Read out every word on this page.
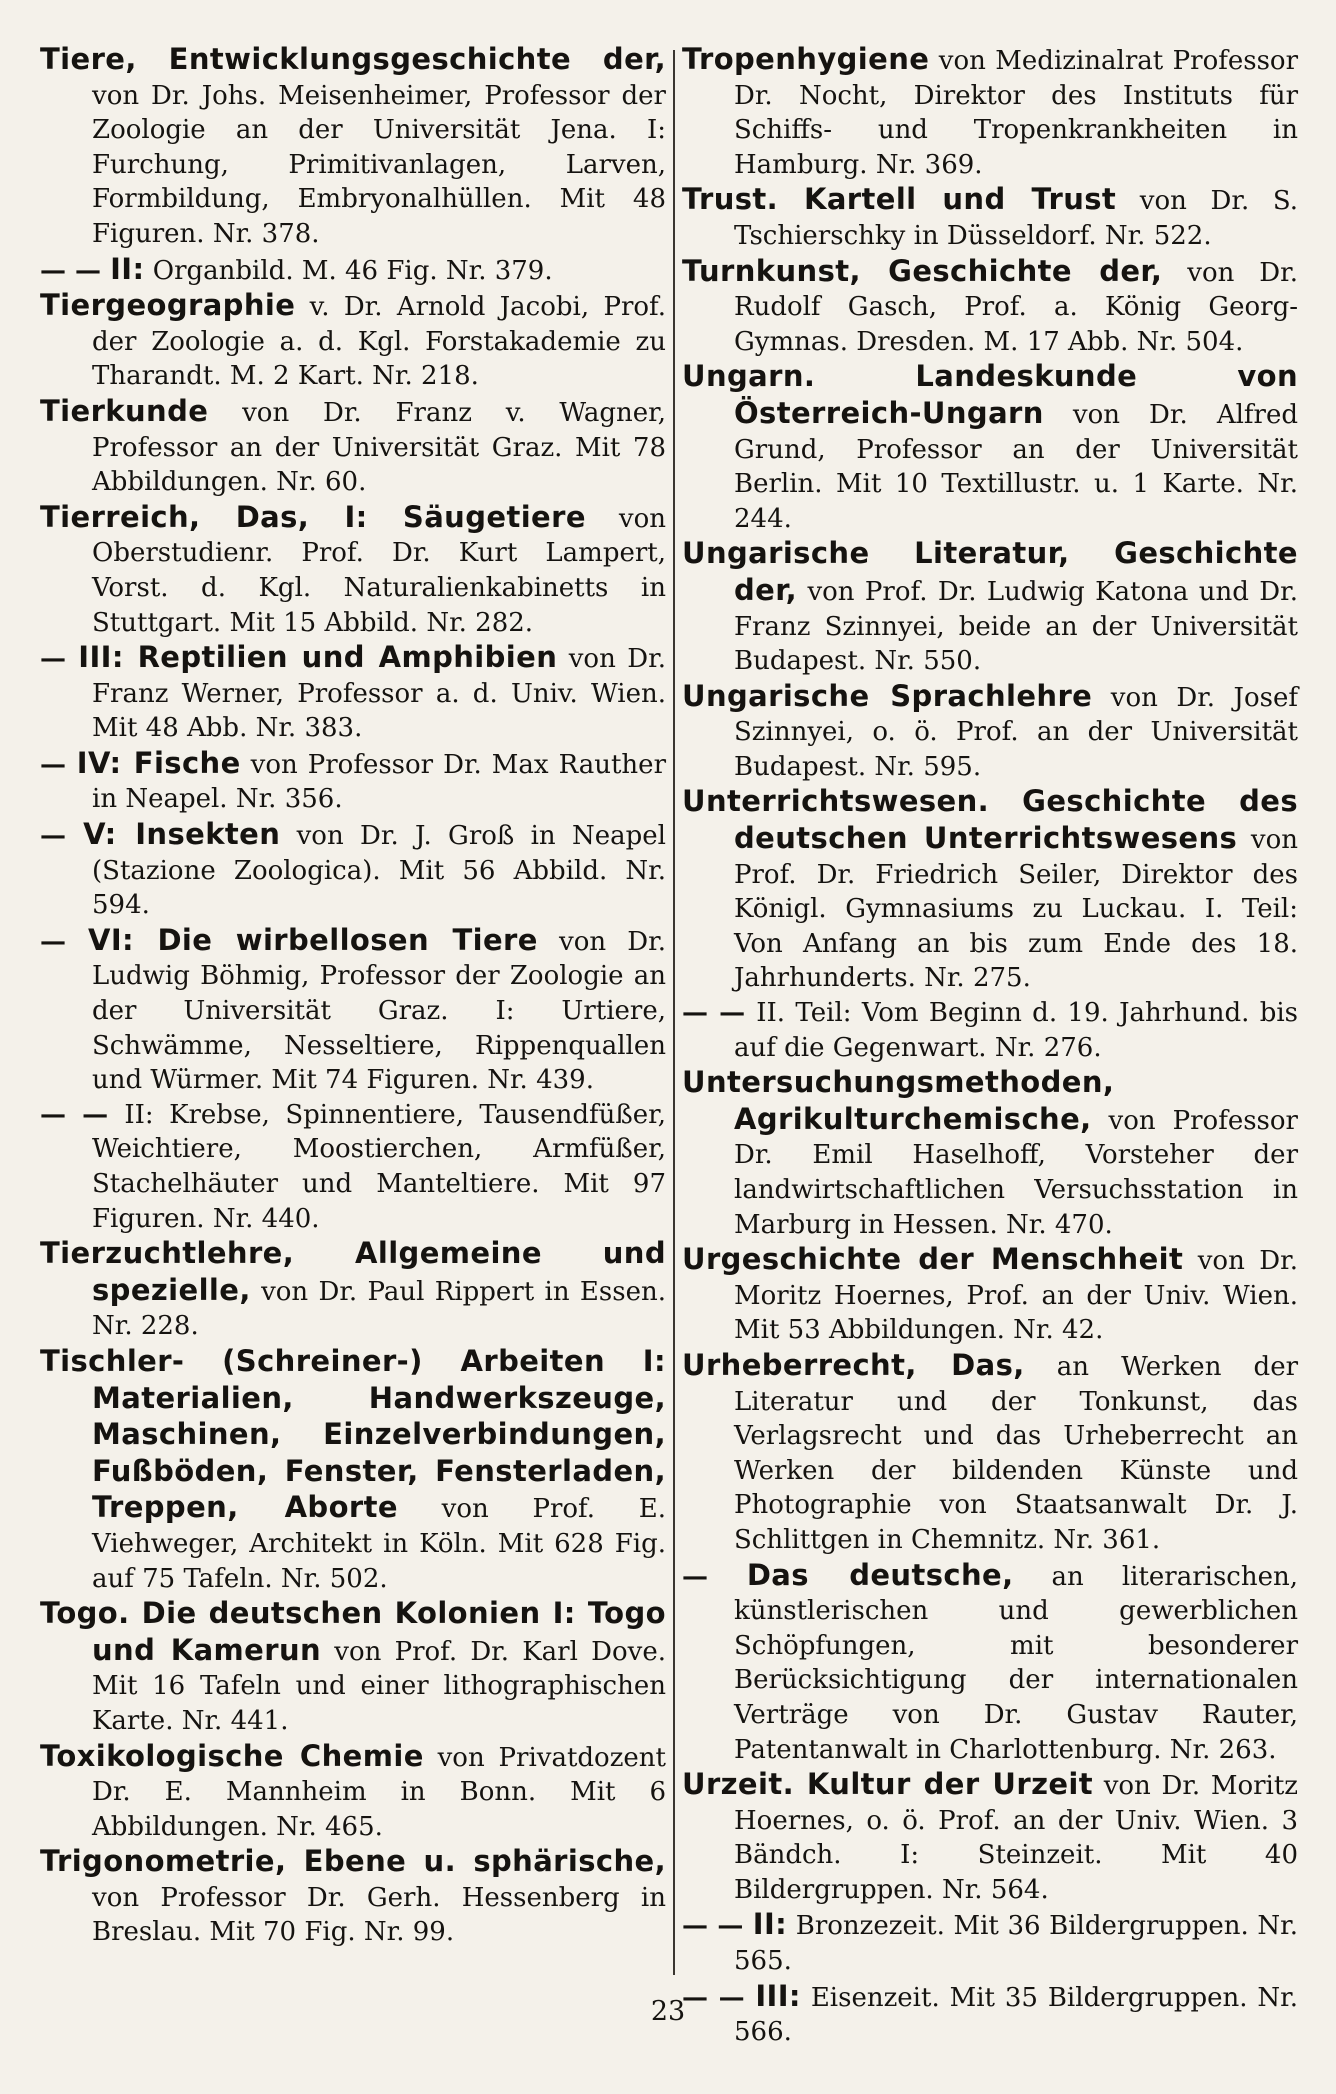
Tiere, Entwicklungsgeschichte der, von Dr. Johs. Meisenheimer, Professor der Zoologie an der Universität Jena. I: Furchung, Primitivanlagen, Larven, Formbildung, Embryonalhüllen. Mit 48 Figuren. Nr. 378.
— — II: Organbild. M. 46 Fig. Nr. 379.
Tiergeographie v. Dr. Arnold Jacobi, Prof. der Zoologie a. d. Kgl. Forstakademie zu Tharandt. M. 2 Kart. Nr. 218.
Tierkunde von Dr. Franz v. Wagner, Professor an der Universität Graz. Mit 78 Abbildungen. Nr. 60.
Tierreich, Das, I: Säugetiere von Oberstudienr. Prof. Dr. Kurt Lampert, Vorst. d. Kgl. Naturalienkabinetts in Stuttgart. Mit 15 Abbild. Nr. 282.
— III: Reptilien und Amphibien von Dr. Franz Werner, Professor a. d. Univ. Wien. Mit 48 Abb. Nr. 383.
— IV: Fische von Professor Dr. Max Rauther in Neapel. Nr. 356.
— V: Insekten von Dr. J. Groß in Neapel (Stazione Zoologica). Mit 56 Abbild. Nr. 594.
— VI: Die wirbellosen Tiere von Dr. Ludwig Böhmig, Professor der Zoologie an der Universität Graz. I: Urtiere, Schwämme, Nesseltiere, Rippenquallen und Würmer. Mit 74 Figuren. Nr. 439.
— — II: Krebse, Spinnentiere, Tausendfüßer, Weichtiere, Moostierchen, Armfüßer, Stachelhäuter und Manteltiere. Mit 97 Figuren. Nr. 440.
Tierzuchtlehre, Allgemeine und spezielle, von Dr. Paul Rippert in Essen. Nr. 228.
Tischler- (Schreiner-) Arbeiten I: Materialien, Handwerkszeuge, Maschinen, Einzelverbindungen, Fußböden, Fenster, Fensterladen, Treppen, Aborte von Prof. E. Viehweger, Architekt in Köln. Mit 628 Fig. auf 75 Tafeln. Nr. 502.
Togo. Die deutschen Kolonien I: Togo und Kamerun von Prof. Dr. Karl Dove. Mit 16 Tafeln und einer lithographischen Karte. Nr. 441.
Toxikologische Chemie von Privatdozent Dr. E. Mannheim in Bonn. Mit 6 Abbildungen. Nr. 465.
Trigonometrie, Ebene u. sphärische, von Professor Dr. Gerh. Hessenberg in Breslau. Mit 70 Fig. Nr. 99.
Tropenhygiene von Medizinalrat Professor Dr. Nocht, Direktor des Instituts für Schiffs- und Tropenkrankheiten in Hamburg. Nr. 369.
Trust. Kartell und Trust von Dr. S. Tschierschky in Düsseldorf. Nr. 522.
Turnkunst, Geschichte der, von Dr. Rudolf Gasch, Prof. a. König Georg-Gymnas. Dresden. M. 17 Abb. Nr. 504.
Ungarn. Landeskunde von Österreich-Ungarn von Dr. Alfred Grund, Professor an der Universität Berlin. Mit 10 Textillustr. u. 1 Karte. Nr. 244.
Ungarische Literatur, Geschichte der, von Prof. Dr. Ludwig Katona und Dr. Franz Szinnyei, beide an der Universität Budapest. Nr. 550.
Ungarische Sprachlehre von Dr. Josef Szinnyei, o. ö. Prof. an der Universität Budapest. Nr. 595.
Unterrichtswesen. Geschichte des deutschen Unterrichtswesens von Prof. Dr. Friedrich Seiler, Direktor des Königl. Gymnasiums zu Luckau. I. Teil: Von Anfang an bis zum Ende des 18. Jahrhunderts. Nr. 275.
— — II. Teil: Vom Beginn d. 19. Jahrhund. bis auf die Gegenwart. Nr. 276.
Untersuchungsmethoden, Agrikulturchemische, von Professor Dr. Emil Haselhoff, Vorsteher der landwirtschaftlichen Versuchsstation in Marburg in Hessen. Nr. 470.
Urgeschichte der Menschheit von Dr. Moritz Hoernes, Prof. an der Univ. Wien. Mit 53 Abbildungen. Nr. 42.
Urheberrecht, Das, an Werken der Literatur und der Tonkunst, das Verlagsrecht und das Urheberrecht an Werken der bildenden Künste und Photographie von Staatsanwalt Dr. J. Schlittgen in Chemnitz. Nr. 361.
— Das deutsche, an literarischen, künstlerischen und gewerblichen Schöpfungen, mit besonderer Berücksichtigung der internationalen Verträge von Dr. Gustav Rauter, Patentanwalt in Charlottenburg. Nr. 263.
Urzeit. Kultur der Urzeit von Dr. Moritz Hoernes, o. ö. Prof. an der Univ. Wien. 3 Bändch. I: Steinzeit. Mit 40 Bildergruppen. Nr. 564.
— — II: Bronzezeit. Mit 36 Bildergruppen. Nr. 565.
— — III: Eisenzeit. Mit 35 Bildergruppen. Nr. 566.
23
